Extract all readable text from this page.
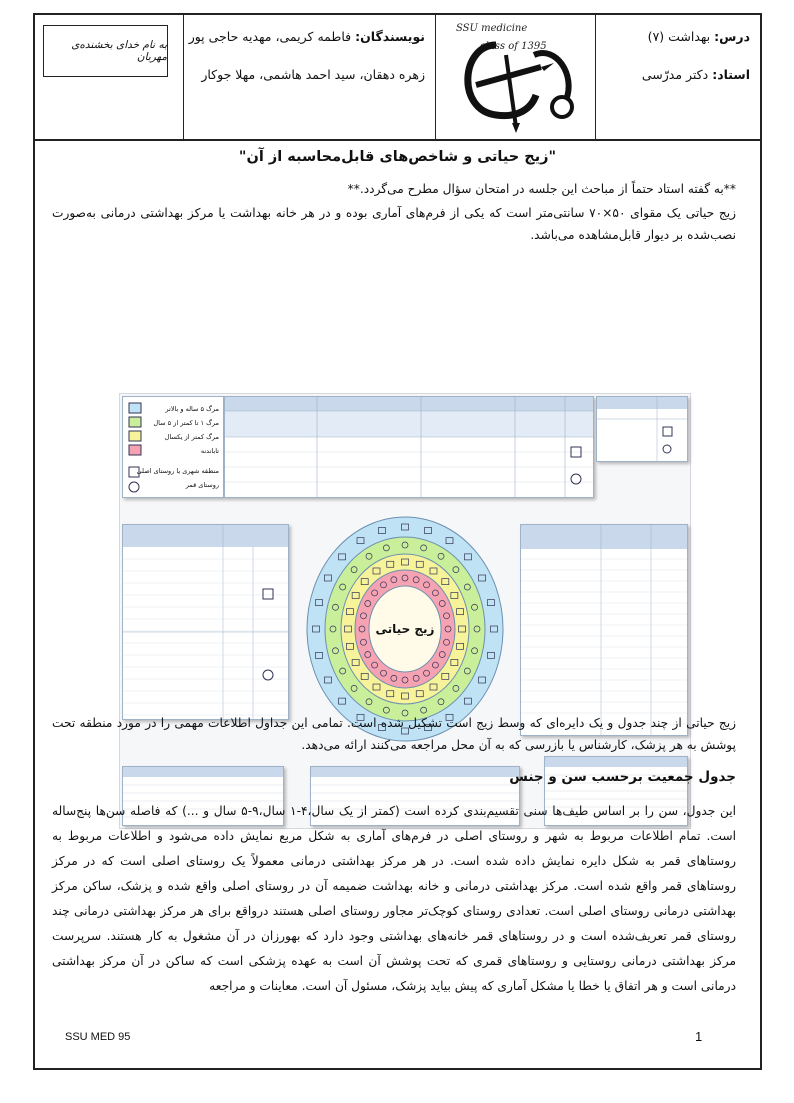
درس: بهداشت (۷)
استاد: دکتر مدرّسی
SSU medicine
class of 1395
نویسندگان: فاطمه کریمی، مهدیه حاجی پور
زهره دهقان، سید احمد هاشمی، مهلا جوکار
به نام خدای بخشنده‌ی مهربان
"زیج حیاتی و شاخص‌های قابل‌محاسبه از آن"
**به گفته استاد حتماً از مباحث این جلسه در امتحان سؤال مطرح می‌گردد.**
زیج حیاتی یک مقوای ۵۰×۷۰ سانتی‌متر است که یکی از فرم‌های آماری بوده و در هر خانه بهداشت یا مرکز بهداشتی درمانی به‌صورت نصب‌شده بر دیوار قابل‌مشاهده می‌باشد.
مرگ ۵ ساله و بالاتر
مرگ ۱ تا کمتر از ۵ سال
مرگ کمتر از یکسال
تاباندنه
منطقه شهری یا روستای اصلی
روستای قمر
زیج حیاتی
زیج حیاتی از چند جدول و یک دایره‌ای که وسط زیج است تشکیل شده است. تمامی این جداول اطلاعات مهمی را در مورد منطقه تحت پوشش به هر پزشک، کارشناس یا بازرسی که به آن محل مراجعه می‌کنند ارائه می‌دهد.
جدول جمعیت برحسب سن و جنس
این جدول، سن را بر اساس طیف‌ها سنی تقسیم‌بندی کرده است (کمتر از یک سال،۴-۱ سال،۹-۵ سال و ...) که فاصله سن‌ها پنج‌ساله است. تمام اطلاعات مربوط به شهر و روستای اصلی در فرم‌های آماری به شکل مربع نمایش داده می‌شود و اطلاعات مربوط به روستاهای قمر به شکل دایره نمایش داده شده است. در هر مرکز بهداشتی درمانی معمولاً یک روستای اصلی است که در مرکز روستاهای قمر واقع شده است. مرکز بهداشتی درمانی و خانه بهداشت ضمیمه آن در روستای اصلی واقع شده و پزشک، ساکن مرکز بهداشتی درمانی روستای اصلی است. تعدادی روستای کوچک‌تر مجاور روستای اصلی هستند درواقع برای هر مرکز بهداشتی درمانی چند روستای قمر تعریف‌شده است و در روستاهای قمر خانه‌های بهداشتی وجود دارد که بهورزان در آن مشغول به کار هستند. سرپرست مرکز بهداشتی درمانی روستایی و روستاهای قمری که تحت پوشش آن است به عهده پزشکی است که ساکن در آن مرکز بهداشتی درمانی است و هر اتفاق یا خطا یا مشکل آماری که پیش بیاید پزشک، مسئول آن است. معاینات و مراجعه
SSU MED 95	1
